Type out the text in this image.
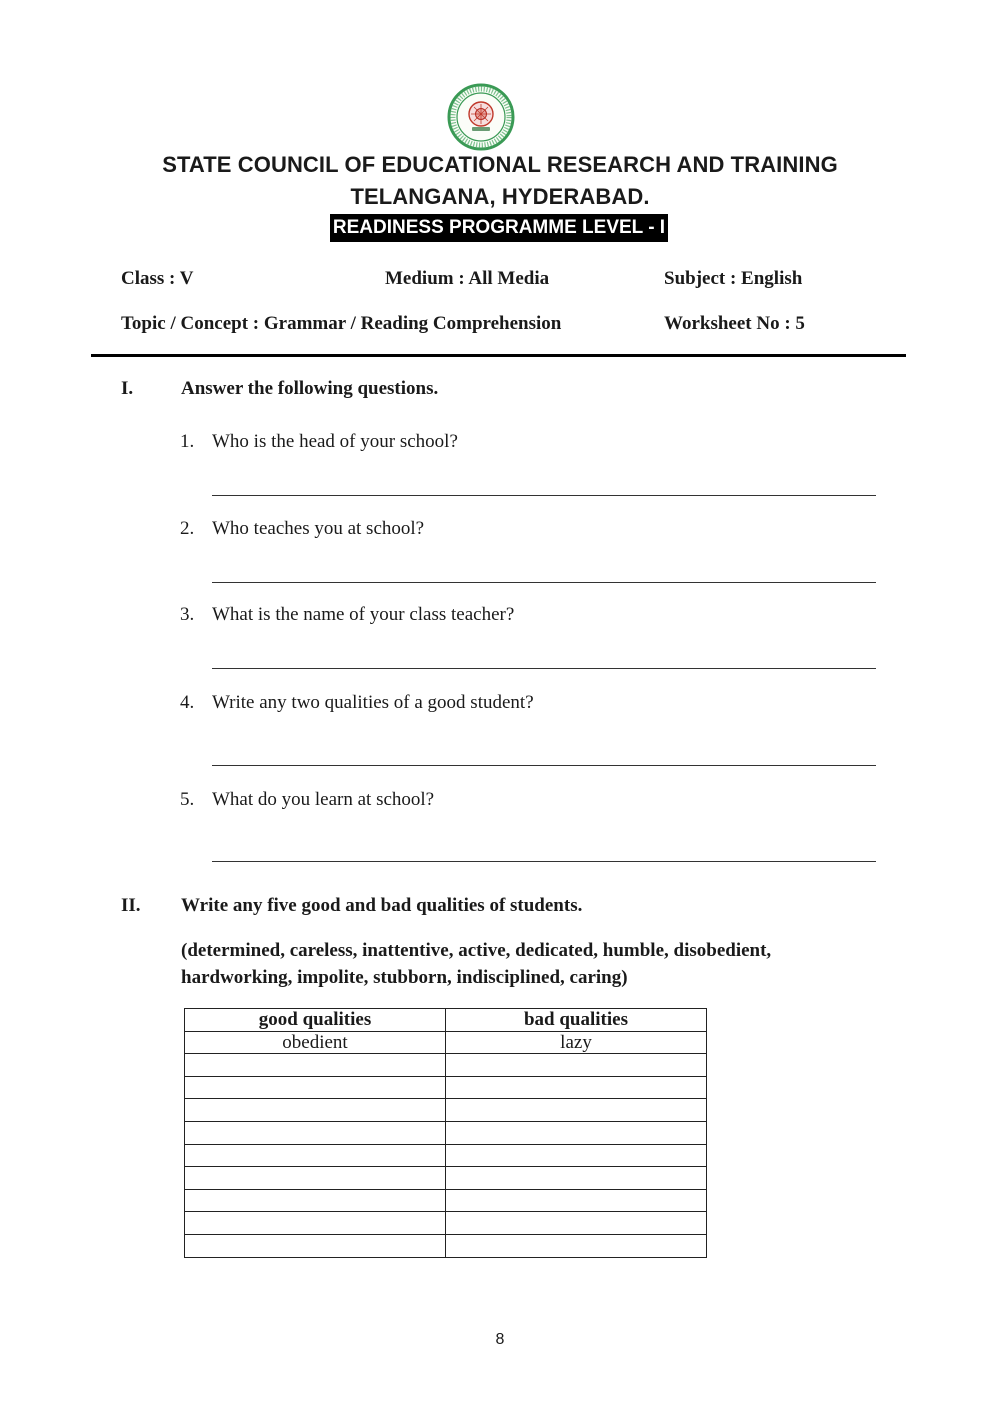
STATE COUNCIL OF EDUCATIONAL RESEARCH AND TRAINING
TELANGANA, HYDERABAD.
READINESS PROGRAMME LEVEL - I
Class : V	Medium : All Media	Subject : English
Topic / Concept : Grammar / Reading Comprehension	Worksheet No : 5
I.	Answer the following questions.
1. Who is the head of your school?
2. Who teaches you at school?
3. What is the name of your class teacher?
4. Write any two qualities of a good student?
5. What do you learn at school?
II. Write any five good and bad qualities of students.
(determined, careless, inattentive, active, dedicated, humble, disobedient, hardworking, impolite, stubborn, indisciplined, caring)
good qualities	bad qualities
obedient	lazy

8
